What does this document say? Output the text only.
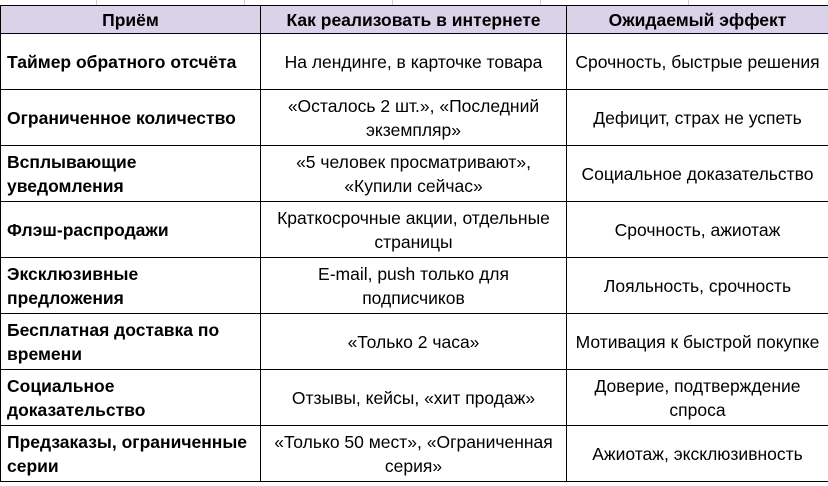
Приём	Как реализовать в интернете	Ожидаемый эффект
Таймер обратного отсчёта	На лендинге, в карточке товара	Срочность, быстрые решения
Ограниченное количество	«Осталось 2 шт.», «Последний экземпляр»	Дефицит, страх не успеть
Всплывающие уведомления	«5 человек просматривают», «Купили сейчас»	Социальное доказательство
Флэш-распродажи	Краткосрочные акции, отдельные страницы	Срочность, ажиотаж
Эксклюзивные предложения	E-mail, push только для подписчиков	Лояльность, срочность
Бесплатная доставка по времени	«Только 2 часа»	Мотивация к быстрой покупке
Социальное доказательство	Отзывы, кейсы, «хит продаж»	Доверие, подтверждение спроса
Предзаказы, ограниченные серии	«Только 50 мест», «Ограниченная серия»	Ажиотаж, эксклюзивность
